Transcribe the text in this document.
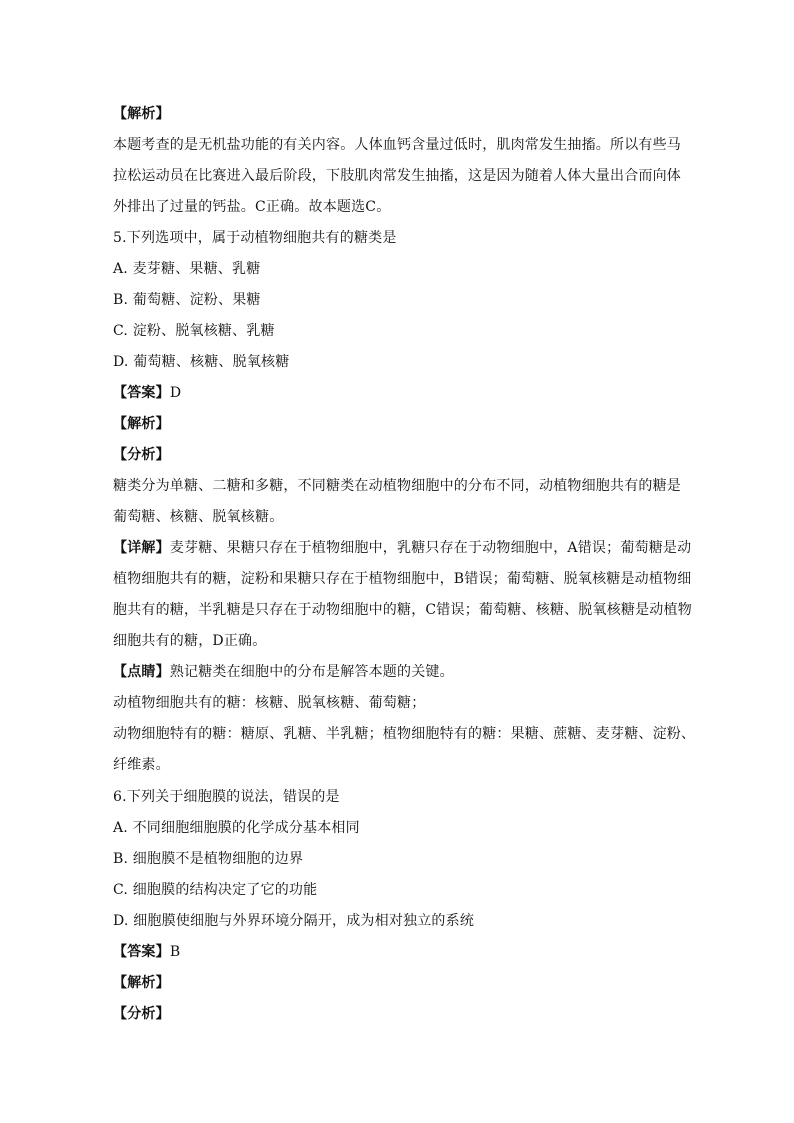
【解析】
本题考查的是无机盐功能的有关内容。人体血钙含量过低时，肌肉常发生抽搐。所以有些马
拉松运动员在比赛进入最后阶段，下肢肌肉常发生抽搐，这是因为随着人体大量出合而向体
外排出了过量的钙盐。C正确。故本题选C。
5.下列选项中，属于动植物细胞共有的糖类是
A. 麦芽糖、果糖、乳糖
B. 葡萄糖、淀粉、果糖
C. 淀粉、脱氧核糖、乳糖
D. 葡萄糖、核糖、脱氧核糖
【答案】D
【解析】
【分析】
糖类分为单糖、二糖和多糖，不同糖类在动植物细胞中的分布不同，动植物细胞共有的糖是
葡萄糖、核糖、脱氧核糖。
【详解】麦芽糖、果糖只存在于植物细胞中，乳糖只存在于动物细胞中，A错误；葡萄糖是动
植物细胞共有的糖，淀粉和果糖只存在于植物细胞中，B错误；葡萄糖、脱氧核糖是动植物细
胞共有的糖，半乳糖是只存在于动物细胞中的糖，C错误；葡萄糖、核糖、脱氧核糖是动植物
细胞共有的糖，D正确。
【点睛】熟记糖类在细胞中的分布是解答本题的关键。
动植物细胞共有的糖：核糖、脱氧核糖、葡萄糖；
动物细胞特有的糖：糖原、乳糖、半乳糖；植物细胞特有的糖：果糖、蔗糖、麦芽糖、淀粉、
纤维素。
6.下列关于细胞膜的说法，错误的是
A. 不同细胞细胞膜的化学成分基本相同
B. 细胞膜不是植物细胞的边界
C. 细胞膜的结构决定了它的功能
D. 细胞膜使细胞与外界环境分隔开，成为相对独立的系统
【答案】B
【解析】
【分析】
